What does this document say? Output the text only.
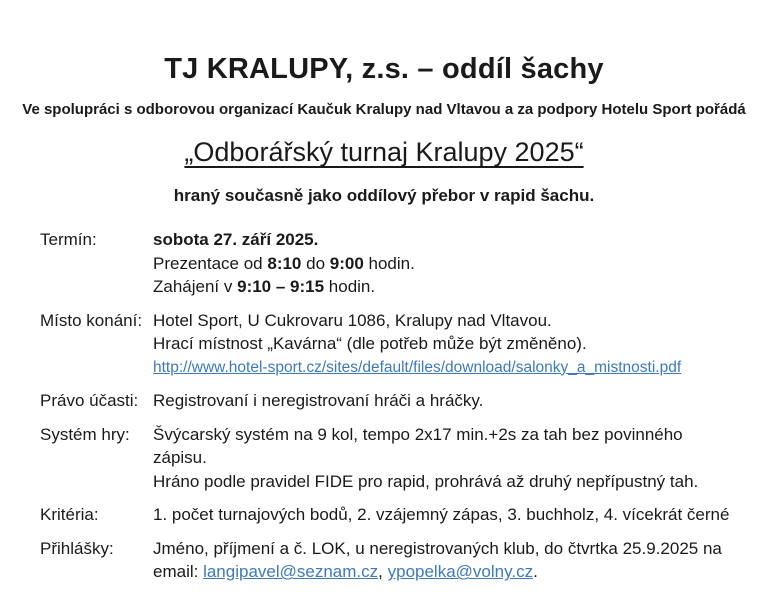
TJ KRALUPY, z.s. – oddíl šachy

Ve spolupráci s odborovou organizací Kaučuk Kralupy nad Vltavou a za podpory Hotelu Sport pořádá

„Odborářský turnaj Kralupy 2025“

hraný současně jako oddílový přebor v rapid šachu.

Termín:	sobota 27. září 2025.
Prezentace od 8:10 do 9:00 hodin.
Zahájení v 9:10 – 9:15 hodin.
Místo konání: Hotel Sport, U Cukrovaru 1086, Kralupy nad Vltavou.
Hrací místnost „Kavárna“ (dle potřeb může být změněno).
http://www.hotel-sport.cz/sites/default/files/download/salonky_a_mistnosti.pdf
Právo účasti: Registrovaní i neregistrovaní hráči a hráčky.
Systém hry:	Švýcarský systém na 9 kol, tempo 2x17 min.+2s za tah bez povinného zápisu.
Hráno podle pravidel FIDE pro rapid, prohrává až druhý nepřípustný tah.
Kritéria:	1. počet turnajových bodů, 2. vzájemný zápas, 3. buchholz, 4. vícekrát černé
Přihlášky:	Jméno, příjmení a č. LOK, u neregistrovaných klub, do čtvrtka 25.9.2025 na
email: langipavel@seznam.cz, ypopelka@volny.cz.
